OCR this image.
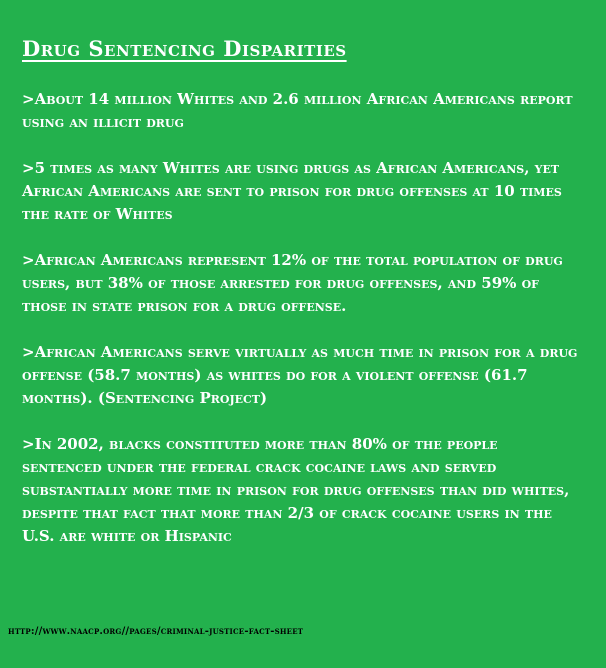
Drug Sentencing Disparities

>About 14 million Whites and 2.6 million African Americans report using an illicit drug

>5 times as many Whites are using drugs as African Americans, yet African Americans are sent to prison for drug offenses at 10 times the rate of Whites

>African Americans represent 12% of the total population of drug users, but 38% of those arrested for drug offenses, and 59% of those in state prison for a drug offense.

>African Americans serve virtually as much time in prison for a drug offense (58.7 months) as whites do for a violent offense (61.7 months). (Sentencing Project)

>In 2002, blacks constituted more than 80% of the people sentenced under the federal crack cocaine laws and served substantially more time in prison for drug offenses than did whites, despite that fact that more than 2/3 of crack cocaine users in the U.S. are white or Hispanic

http://www.naacp.org//pages/criminal-justice-fact-sheet
